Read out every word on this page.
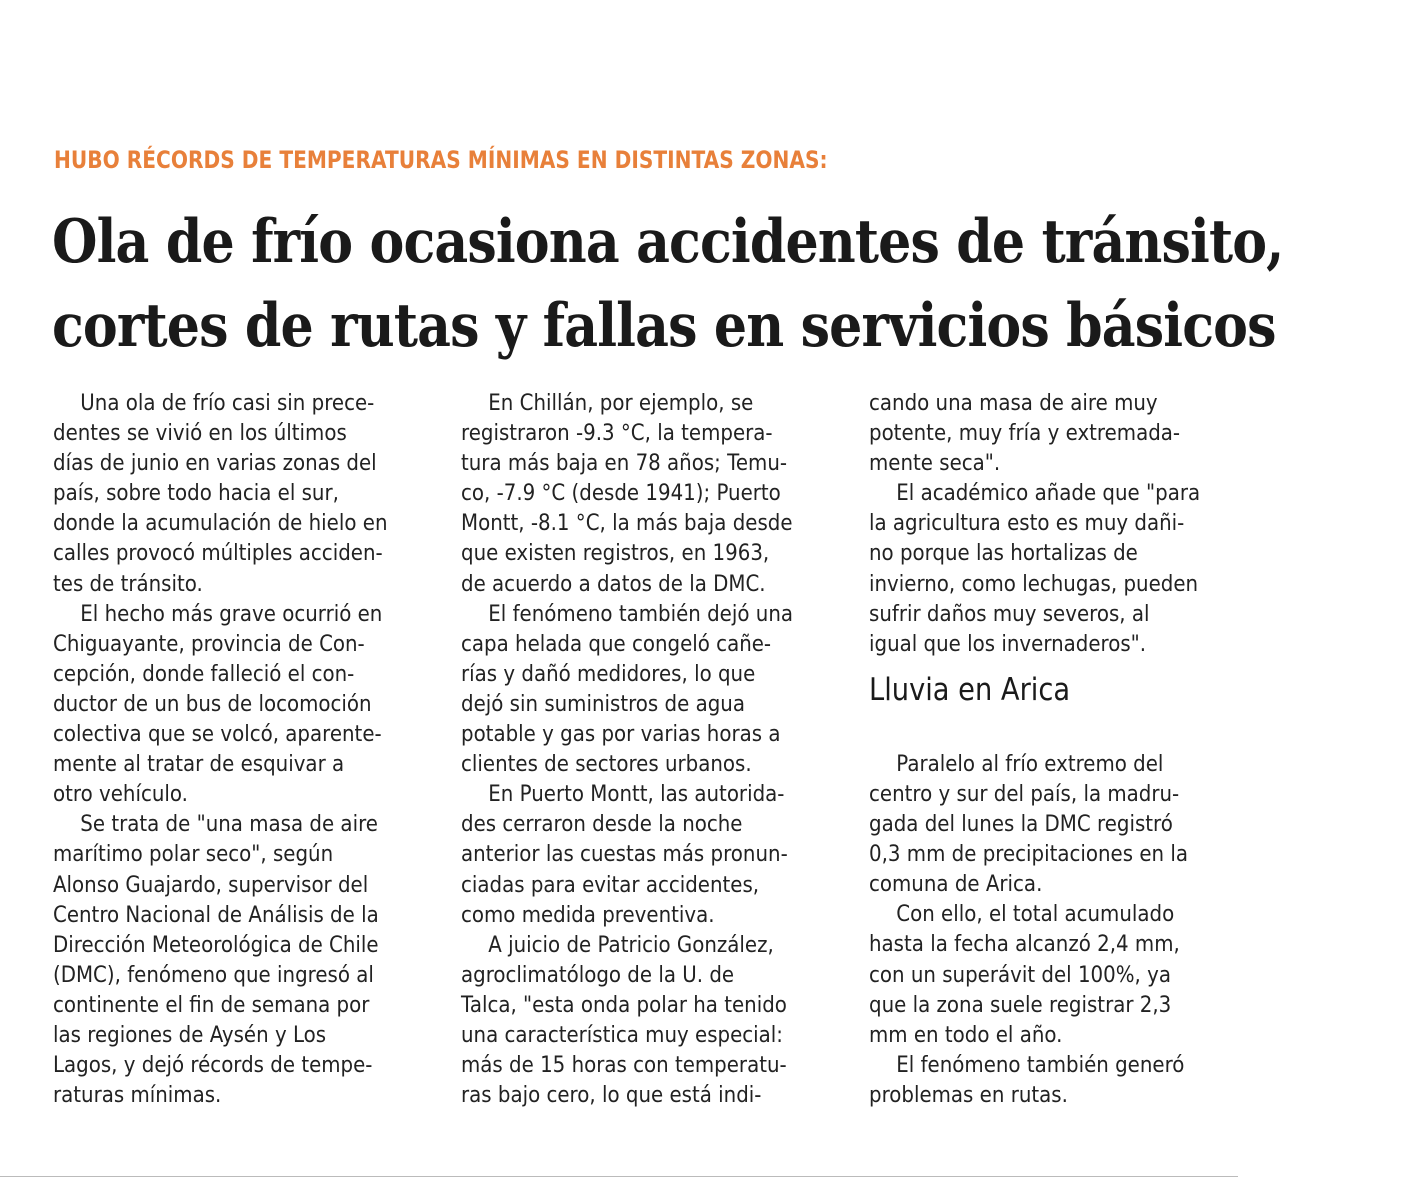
HUBO RÉCORDS DE TEMPERATURAS MÍNIMAS EN DISTINTAS ZONAS:
Ola de frío ocasiona accidentes de tránsito,
cortes de rutas y fallas en servicios básicos
Una ola de frío casi sin prece-
dentes se vivió en los últimos
días de junio en varias zonas del
país, sobre todo hacia el sur,
donde la acumulación de hielo en
calles provocó múltiples acciden-
tes de tránsito.
El hecho más grave ocurrió en
Chiguayante, provincia de Con-
cepción, donde falleció el con-
ductor de un bus de locomoción
colectiva que se volcó, aparente-
mente al tratar de esquivar a
otro vehículo.
Se trata de "una masa de aire
marítimo polar seco", según
Alonso Guajardo, supervisor del
Centro Nacional de Análisis de la
Dirección Meteorológica de Chile
(DMC), fenómeno que ingresó al
continente el fin de semana por
las regiones de Aysén y Los
Lagos, y dejó récords de tempe-
raturas mínimas.
En Chillán, por ejemplo, se
registraron -9.3 °C, la tempera-
tura más baja en 78 años; Temu-
co, -7.9 °C (desde 1941); Puerto
Montt, -8.1 °C, la más baja desde
que existen registros, en 1963,
de acuerdo a datos de la DMC.
El fenómeno también dejó una
capa helada que congeló cañe-
rías y dañó medidores, lo que
dejó sin suministros de agua
potable y gas por varias horas a
clientes de sectores urbanos.
En Puerto Montt, las autorida-
des cerraron desde la noche
anterior las cuestas más pronun-
ciadas para evitar accidentes,
como medida preventiva.
A juicio de Patricio González,
agroclimatólogo de la U. de
Talca, "esta onda polar ha tenido
una característica muy especial:
más de 15 horas con temperatu-
ras bajo cero, lo que está indi-
cando una masa de aire muy
potente, muy fría y extremada-
mente seca".
El académico añade que "para
la agricultura esto es muy dañi-
no porque las hortalizas de
invierno, como lechugas, pueden
sufrir daños muy severos, al
igual que los invernaderos".
Lluvia en Arica
Paralelo al frío extremo del
centro y sur del país, la madru-
gada del lunes la DMC registró
0,3 mm de precipitaciones en la
comuna de Arica.
Con ello, el total acumulado
hasta la fecha alcanzó 2,4 mm,
con un superávit del 100%, ya
que la zona suele registrar 2,3
mm en todo el año.
El fenómeno también generó
problemas en rutas.
